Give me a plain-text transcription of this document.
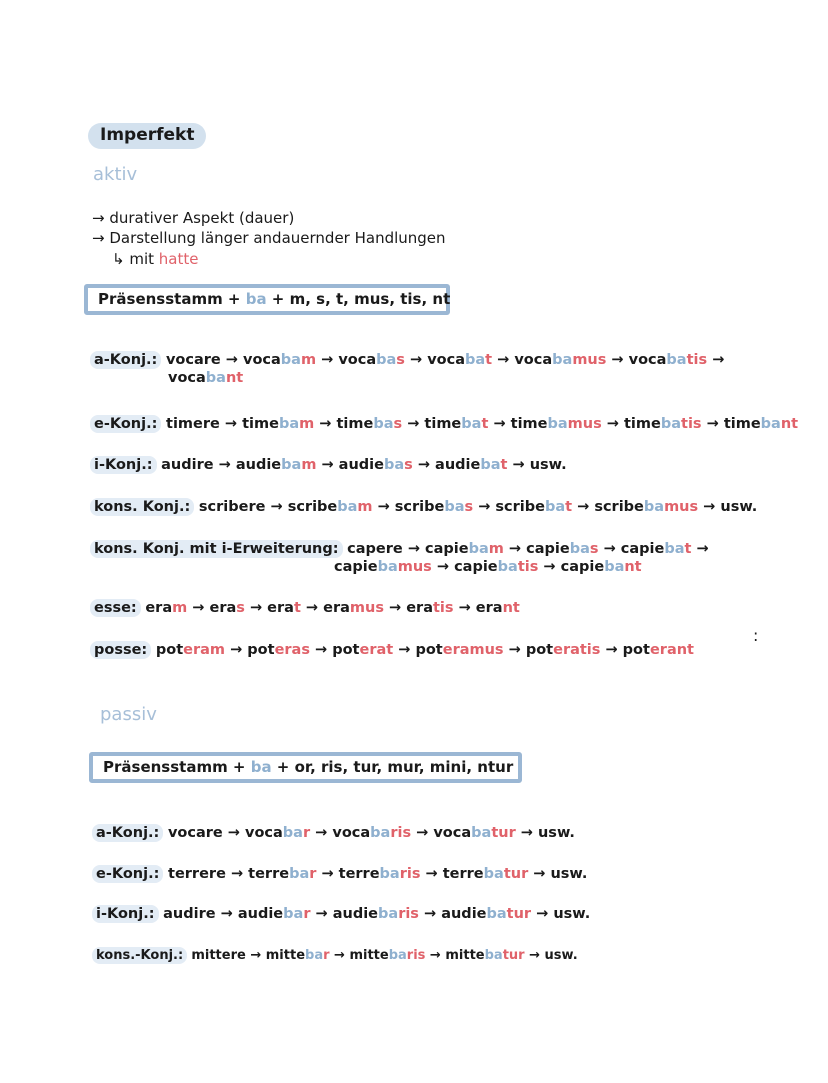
Imperfekt
aktiv
→ durativer Aspekt (dauer)
→ Darstellung länger andauernder Handlungen
↳ mit hatte
Präsensstamm + ba + m, s, t, mus, tis, nt
a-Konj.: vocare → vocabam → vocabas → vocabat → vocabamus → vocabatis →
vocabant
e-Konj.: timere → timebam → timebas → timebat → timebamus → timebatis → timebant
i-Konj.: audire → audiebam → audiebas → audiebat → usw.
kons. Konj.: scribere → scribebam → scribebas → scribebat → scribebamus → usw.
kons. Konj. mit i-Erweiterung: capere → capiebam → capiebas → capiebat →
capiebamus → capiebatis → capiebant
esse: eram → eras → erat → eramus → eratis → erant
posse: poteram → poteras → poterat → poteramus → poteratis → poterant
:
passiv
Präsensstamm + ba + or, ris, tur, mur, mini, ntur
a-Konj.: vocare → vocabar → vocabaris → vocabatur → usw.
e-Konj.: terrere → terrebar → terrebaris → terrebatur → usw.
i-Konj.: audire → audiebar → audiebaris → audiebatur → usw.
kons.-Konj.: mittere → mittebar → mittebaris → mittebatur → usw.
